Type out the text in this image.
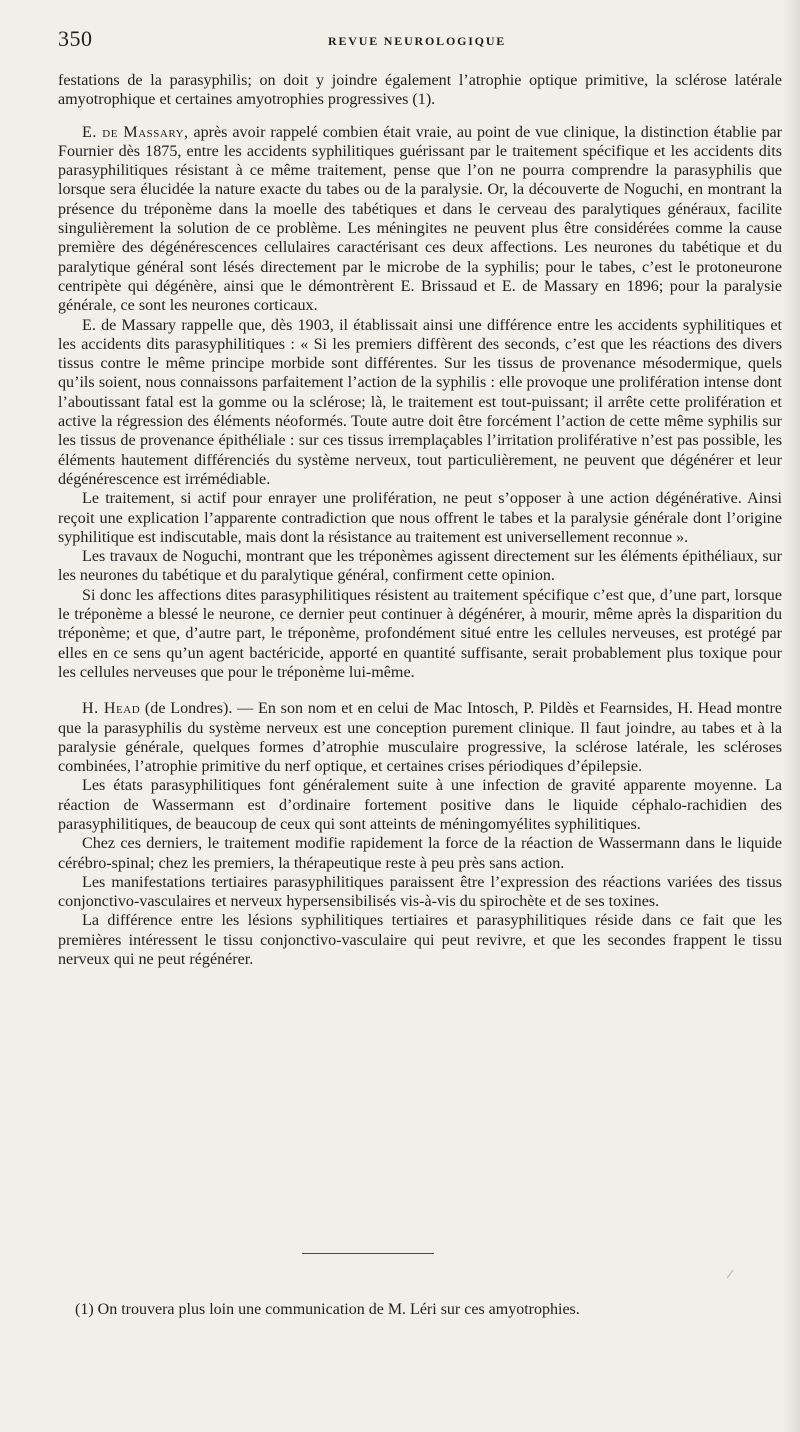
350	REVUE NEUROLOGIQUE

festations de la parasyphilis; on doit y joindre également l’atrophie optique primitive, la sclérose latérale amyotrophique et certaines amyotrophies progressives (1).

E. de Massary, après avoir rappelé combien était vraie, au point de vue clinique, la distinction établie par Fournier dès 1875, entre les accidents syphilitiques guérissant par le traitement spécifique et les accidents dits parasyphilitiques résistant à ce même traitement, pense que l’on ne pourra comprendre la parasyphilis que lorsque sera élucidée la nature exacte du tabes ou de la paralysie. Or, la découverte de Noguchi, en montrant la présence du tréponème dans la moelle des tabétiques et dans le cerveau des paralytiques généraux, facilite singulièrement la solution de ce problème. Les méningites ne peuvent plus être considérées comme la cause première des dégénérescences cellulaires caractérisant ces deux affections. Les neurones du tabétique et du paralytique général sont lésés directement par le microbe de la syphilis; pour le tabes, c’est le protoneurone centripète qui dégénère, ainsi que le démontrèrent E. Brissaud et E. de Massary en 1896; pour la paralysie générale, ce sont les neurones corticaux.

E. de Massary rappelle que, dès 1903, il établissait ainsi une différence entre les accidents syphilitiques et les accidents dits parasyphilitiques : « Si les premiers diffèrent des seconds, c’est que les réactions des divers tissus contre le même principe morbide sont différentes. Sur les tissus de provenance mésodermique, quels qu’ils soient, nous connaissons parfaitement l’action de la syphilis : elle provoque une prolifération intense dont l’aboutissant fatal est la gomme ou la sclérose; là, le traitement est tout-puissant; il arrête cette prolifération et active la régression des éléments néoformés. Toute autre doit être forcément l’action de cette même syphilis sur les tissus de provenance épithéliale : sur ces tissus irremplaçables l’irritation proliférative n’est pas possible, les éléments hautement différenciés du système nerveux, tout particulièrement, ne peuvent que dégénérer et leur dégénérescence est irrémédiable.

Le traitement, si actif pour enrayer une prolifération, ne peut s’opposer à une action dégénérative. Ainsi reçoit une explication l’apparente contradiction que nous offrent le tabes et la paralysie générale dont l’origine syphilitique est indiscutable, mais dont la résistance au traitement est universellement reconnue ».

Les travaux de Noguchi, montrant que les tréponèmes agissent directement sur les éléments épithéliaux, sur les neurones du tabétique et du paralytique général, confirment cette opinion.

Si donc les affections dites parasyphilitiques résistent au traitement spécifique c’est que, d’une part, lorsque le tréponème a blessé le neurone, ce dernier peut continuer à dégénérer, à mourir, même après la disparition du tréponème; et que, d’autre part, le tréponème, profondément situé entre les cellules nerveuses, est protégé par elles en ce sens qu’un agent bactéricide, apporté en quantité suffisante, serait probablement plus toxique pour les cellules nerveuses que pour le tréponème lui-même.

H. Head (de Londres). — En son nom et en celui de Mac Intosch, P. Pildès et Fearnsides, H. Head montre que la parasyphilis du système nerveux est une conception purement clinique. Il faut joindre, au tabes et à la paralysie générale, quelques formes d’atrophie musculaire progressive, la sclérose latérale, les scléroses combinées, l’atrophie primitive du nerf optique, et certaines crises périodiques d’épilepsie.

Les états parasyphilitiques font généralement suite à une infection de gravité apparente moyenne. La réaction de Wassermann est d’ordinaire fortement positive dans le liquide céphalo-rachidien des parasyphilitiques, de beaucoup de ceux qui sont atteints de méningomyélites syphilitiques.

Chez ces derniers, le traitement modifie rapidement la force de la réaction de Wassermann dans le liquide cérébro-spinal; chez les premiers, la thérapeutique reste à peu près sans action.

Les manifestations tertiaires parasyphilitiques paraissent être l’expression des réactions variées des tissus conjonctivo-vasculaires et nerveux hypersensibilisés vis-à-vis du spirochète et de ses toxines.

La différence entre les lésions syphilitiques tertiaires et parasyphilitiques réside dans ce fait que les premières intéressent le tissu conjonctivo-vasculaire qui peut revivre, et que les secondes frappent le tissu nerveux qui ne peut régénérer.

(1) On trouvera plus loin une communication de M. Léri sur ces amyotrophies.
